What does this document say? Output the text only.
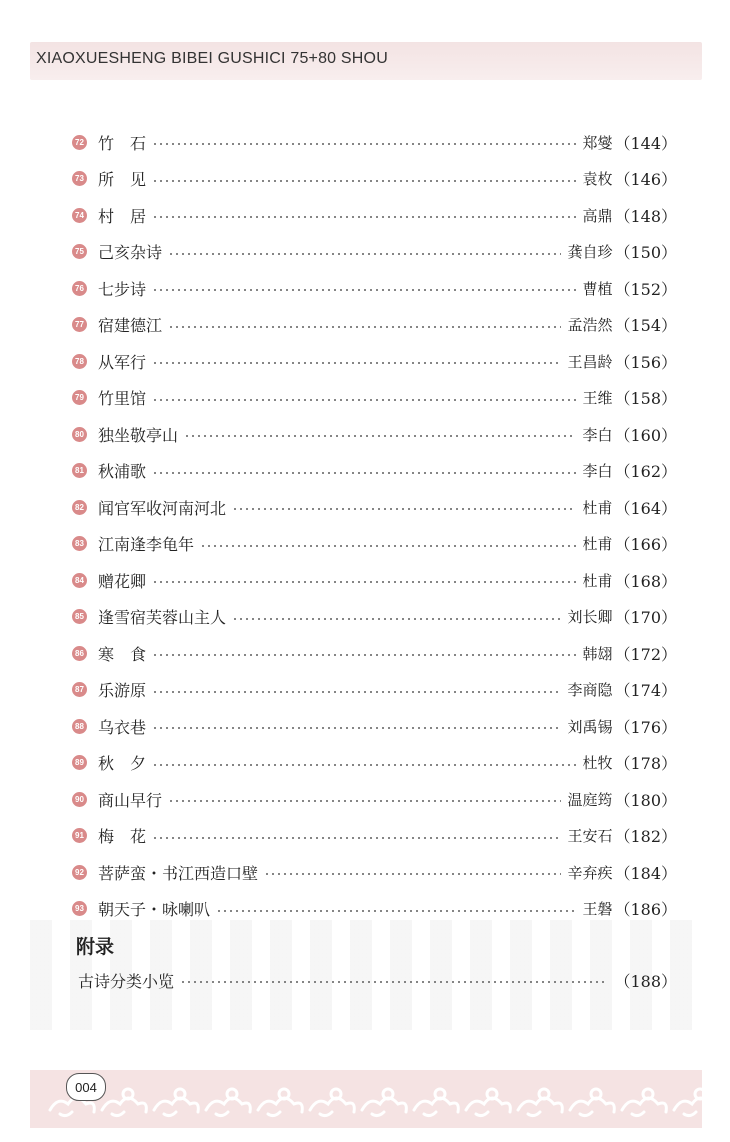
XIAOXUESHENG BIBEI GUSHICI 75+80 SHOU
72 竹　石	郑燮 （144）
73 所　见	袁枚 （146）
74 村　居	高鼎 （148）
75 己亥杂诗	龚自珍 （150）
76 七步诗	曹植 （152）
77 宿建德江	孟浩然 （154）
78 从军行	王昌龄 （156）
79 竹里馆	王维 （158）
80 独坐敬亭山	李白 （160）
81 秋浦歌	李白 （162）
82 闻官军收河南河北	杜甫 （164）
83 江南逢李龟年	杜甫 （166）
84 赠花卿	杜甫 （168）
85 逢雪宿芙蓉山主人	刘长卿 （170）
86 寒　食	韩翃 （172）
87 乐游原	李商隐 （174）
88 乌衣巷	刘禹锡 （176）
89 秋　夕	杜牧 （178）
90 商山早行	温庭筠 （180）
91 梅　花	王安石 （182）
92 菩萨蛮・书江西造口壁	辛弃疾 （184）
93 朝天子・咏喇叭	王磐 （186）
附录
古诗分类小览	（188）
004
